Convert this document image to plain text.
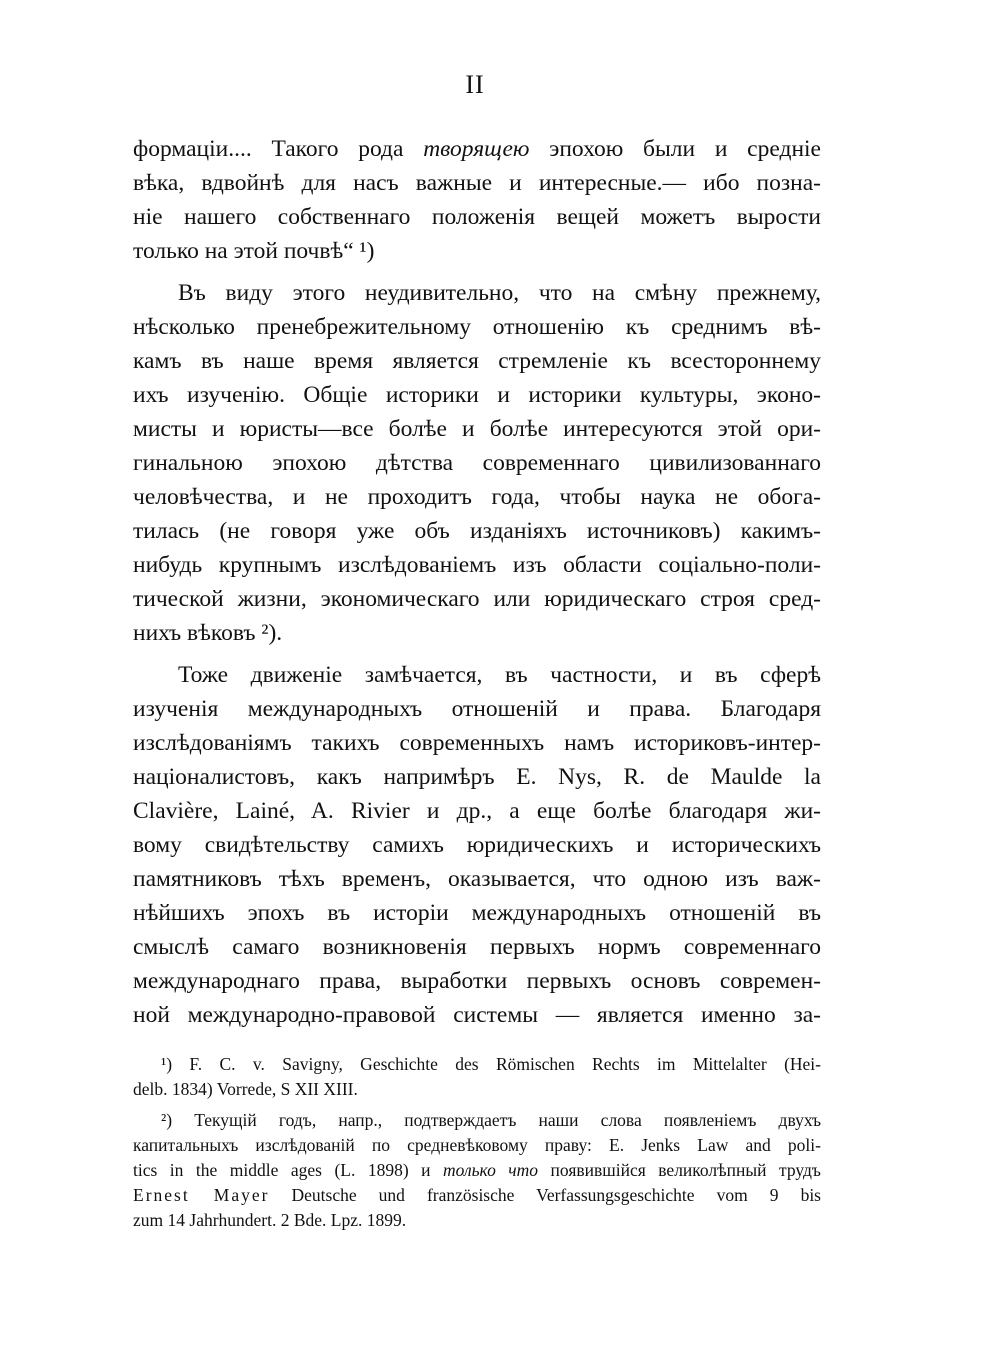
II
формаціи.... Такого рода творящею эпохою были и средніе
вѣка, вдвойнѣ для насъ важные и интересные.— ибо позна-
ніе нашего собственнаго положенія вещей можетъ вырости
только на этой почвѣ“ ¹)
Въ виду этого неудивительно, что на смѣну прежнему,
нѣсколько пренебрежительному отношенію къ среднимъ вѣ-
камъ въ наше время является стремленіе къ всестороннему
ихъ изученію. Общіе историки и историки культуры, эконо-
мисты и юристы—все болѣе и болѣе интересуются этой ори-
гинальною эпохою дѣтства современнаго цивилизованнаго
человѣчества, и не проходитъ года, чтобы наука не обога-
тилась (не говоря уже объ изданіяхъ источниковъ) какимъ-
нибудь крупнымъ изслѣдованіемъ изъ области соціально-поли-
тической жизни, экономическаго или юридическаго строя сред-
нихъ вѣковъ ²).
Тоже движеніе замѣчается, въ частности, и въ сферѣ
изученія международныхъ отношеній и права. Благодаря
изслѣдованіямъ такихъ современныхъ намъ историковъ-интер-
націоналистовъ, какъ напримѣръ E. Nys, R. de Maulde la
Clavière, Lainé, A. Rivier и др., а еще болѣе благодаря жи-
вому свидѣтельству самихъ юридическихъ и историческихъ
памятниковъ тѣхъ временъ, оказывается, что одною изъ важ-
нѣйшихъ эпохъ въ исторіи международныхъ отношеній въ
смыслѣ самаго возникновенія первыхъ нормъ современнаго
международнаго права, выработки первыхъ основъ современ-
ной международно-правовой системы — является именно за-
¹) F. C. v. Savigny, Geschichte des Römischen Rechts im Mittelalter (Hei-
delb. 1834) Vorrede, S XII XIII.
²) Текущій годъ, напр., подтверждаетъ наши слова появленіемъ двухъ
капитальныхъ изслѣдованій по средневѣковому праву: E. Jenks Law and poli-
tics in the middle ages (L. 1898) и только что появившійся великолѣпный трудъ
Ernest Mayer Deutsche und französische Verfassungsgeschichte vom 9 bis
zum 14 Jahrhundert. 2 Bde. Lpz. 1899.
